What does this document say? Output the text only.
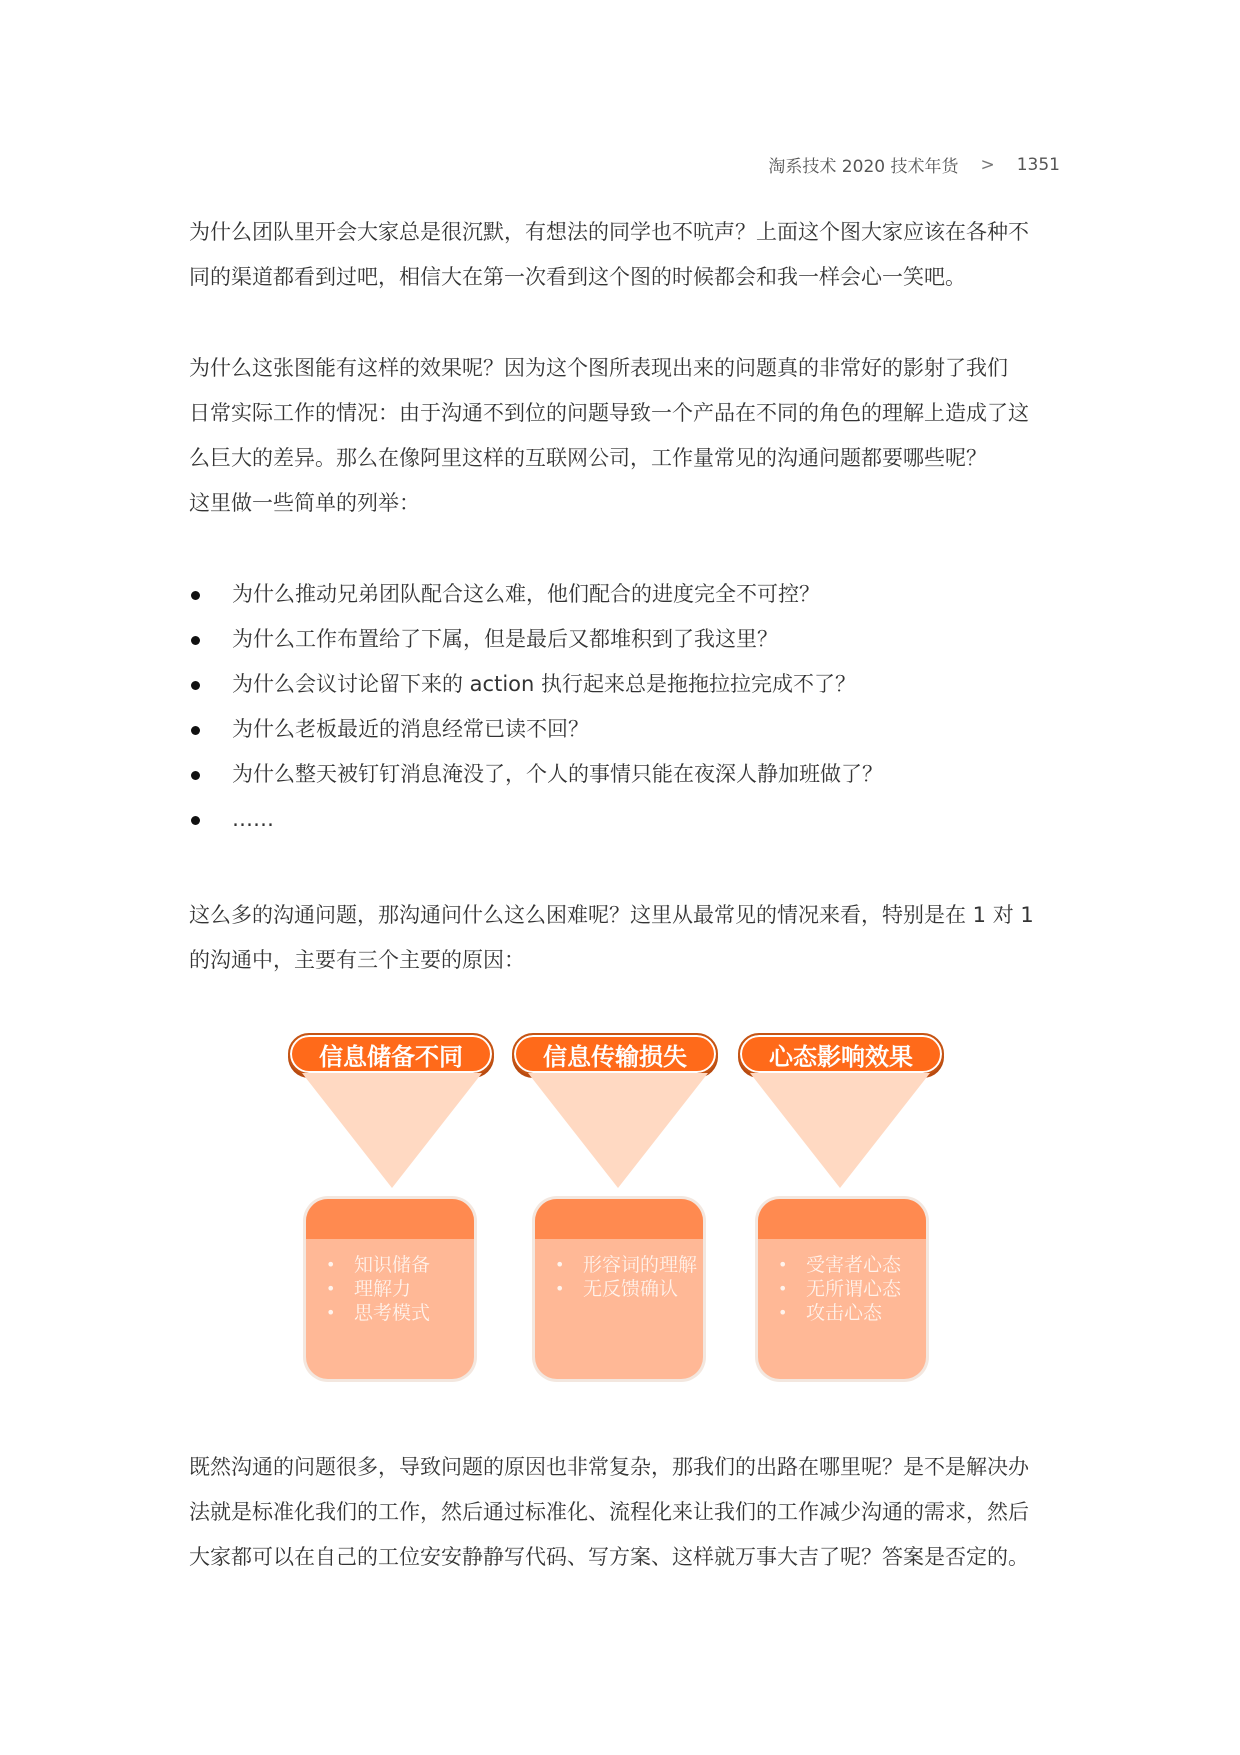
淘系技术 2020 技术年货 > 1351

为什么团队里开会大家总是很沉默，有想法的同学也不吭声？上面这个图大家应该在各种不

同的渠道都看到过吧，相信大在第一次看到这个图的时候都会和我一样会心一笑吧。

为什么这张图能有这样的效果呢？因为这个图所表现出来的问题真的非常好的影射了我们

日常实际工作的情况：由于沟通不到位的问题导致一个产品在不同的角色的理解上造成了这

么巨大的差异。那么在像阿里这样的互联网公司，工作量常见的沟通问题都要哪些呢？

这里做一些简单的列举：

为什么推动兄弟团队配合这么难，他们配合的进度完全不可控？
为什么工作布置给了下属，但是最后又都堆积到了我这里？
为什么会议讨论留下来的 action 执行起来总是拖拖拉拉完成不了？
为什么老板最近的消息经常已读不回？
为什么整天被钉钉消息淹没了，个人的事情只能在夜深人静加班做了？
……

这么多的沟通问题，那沟通问什么这么困难呢？这里从最常见的情况来看，特别是在 1 对 1

的沟通中，主要有三个主要的原因：

信息储备不同
• 知识储备
• 理解力
• 思考模式
信息传输损失
• 形容词的理解
• 无反馈确认
心态影响效果
• 受害者心态
• 无所谓心态
• 攻击心态

既然沟通的问题很多，导致问题的原因也非常复杂，那我们的出路在哪里呢？是不是解决办

法就是标准化我们的工作，然后通过标准化、流程化来让我们的工作减少沟通的需求，然后

大家都可以在自己的工位安安静静写代码、写方案、这样就万事大吉了呢？答案是否定的。
